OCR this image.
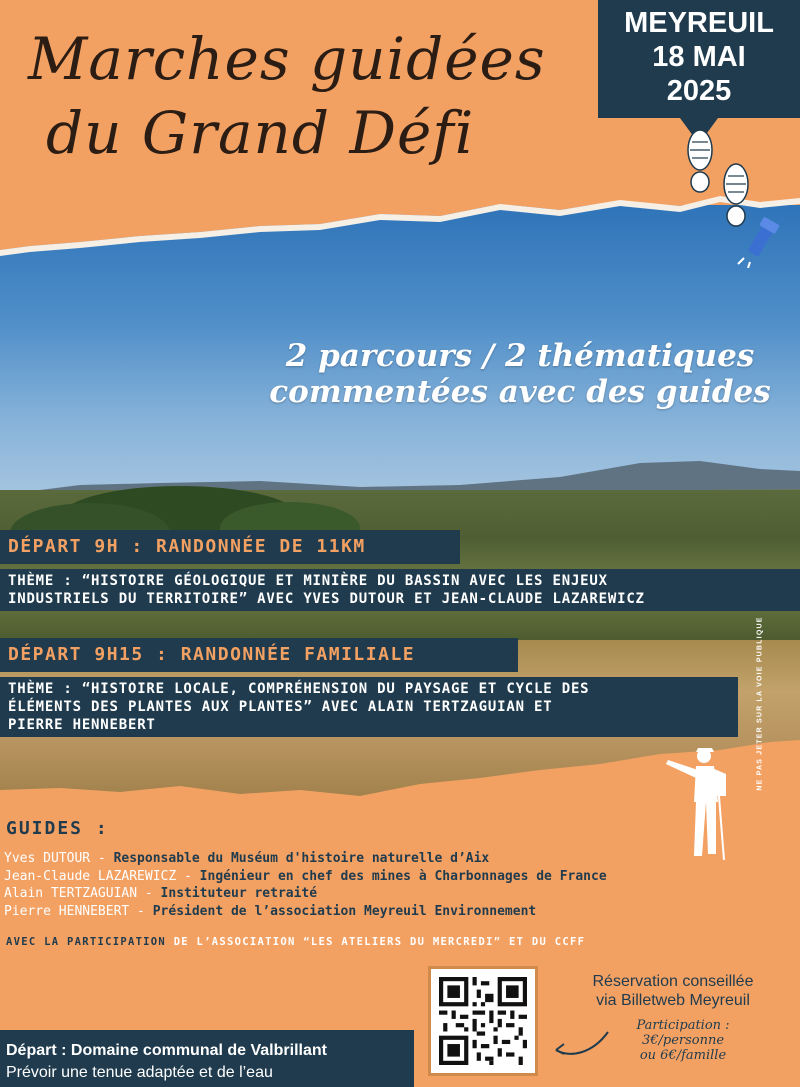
Marches guidées
du Grand Défi
MEYREUIL
18 MAI
2025
2 parcours / 2 thématiques
commentées avec des guides
DÉPART 9H : RANDONNÉE DE 11KM
THÈME : “HISTOIRE GÉOLOGIQUE ET MINIÈRE DU BASSIN AVEC LES ENJEUX
INDUSTRIELS DU TERRITOIRE” AVEC YVES DUTOUR ET JEAN-CLAUDE LAZAREWICZ
DÉPART 9H15 : RANDONNÉE FAMILIALE
THÈME : “HISTOIRE LOCALE, COMPRÉHENSION DU PAYSAGE ET CYCLE DES
ÉLÉMENTS DES PLANTES AUX PLANTES” AVEC ALAIN TERTZAGUIAN ET
PIERRE HENNEBERT	NE PAS JETER SUR LA VOIE PUBLIQUE
GUIDES :
Yves DUTOUR - Responsable du Muséum d'histoire naturelle d’Aix
Jean-Claude LAZAREWICZ - Ingénieur en chef des mines à Charbonnages de France
Alain TERTZAGUIAN - Instituteur retraité
Pierre HENNEBERT - Président de l’association Meyreuil Environnement
AVEC LA PARTICIPATION DE L’ASSOCIATION “LES ATELIERS DU MERCREDI” ET DU CCFF
Réservation conseillée
via Billetweb Meyreuil
Participation :
3€/personne
ou 6€/famille
Départ : Domaine communal de Valbrillant
Prévoir une tenue adaptée et de l’eau
